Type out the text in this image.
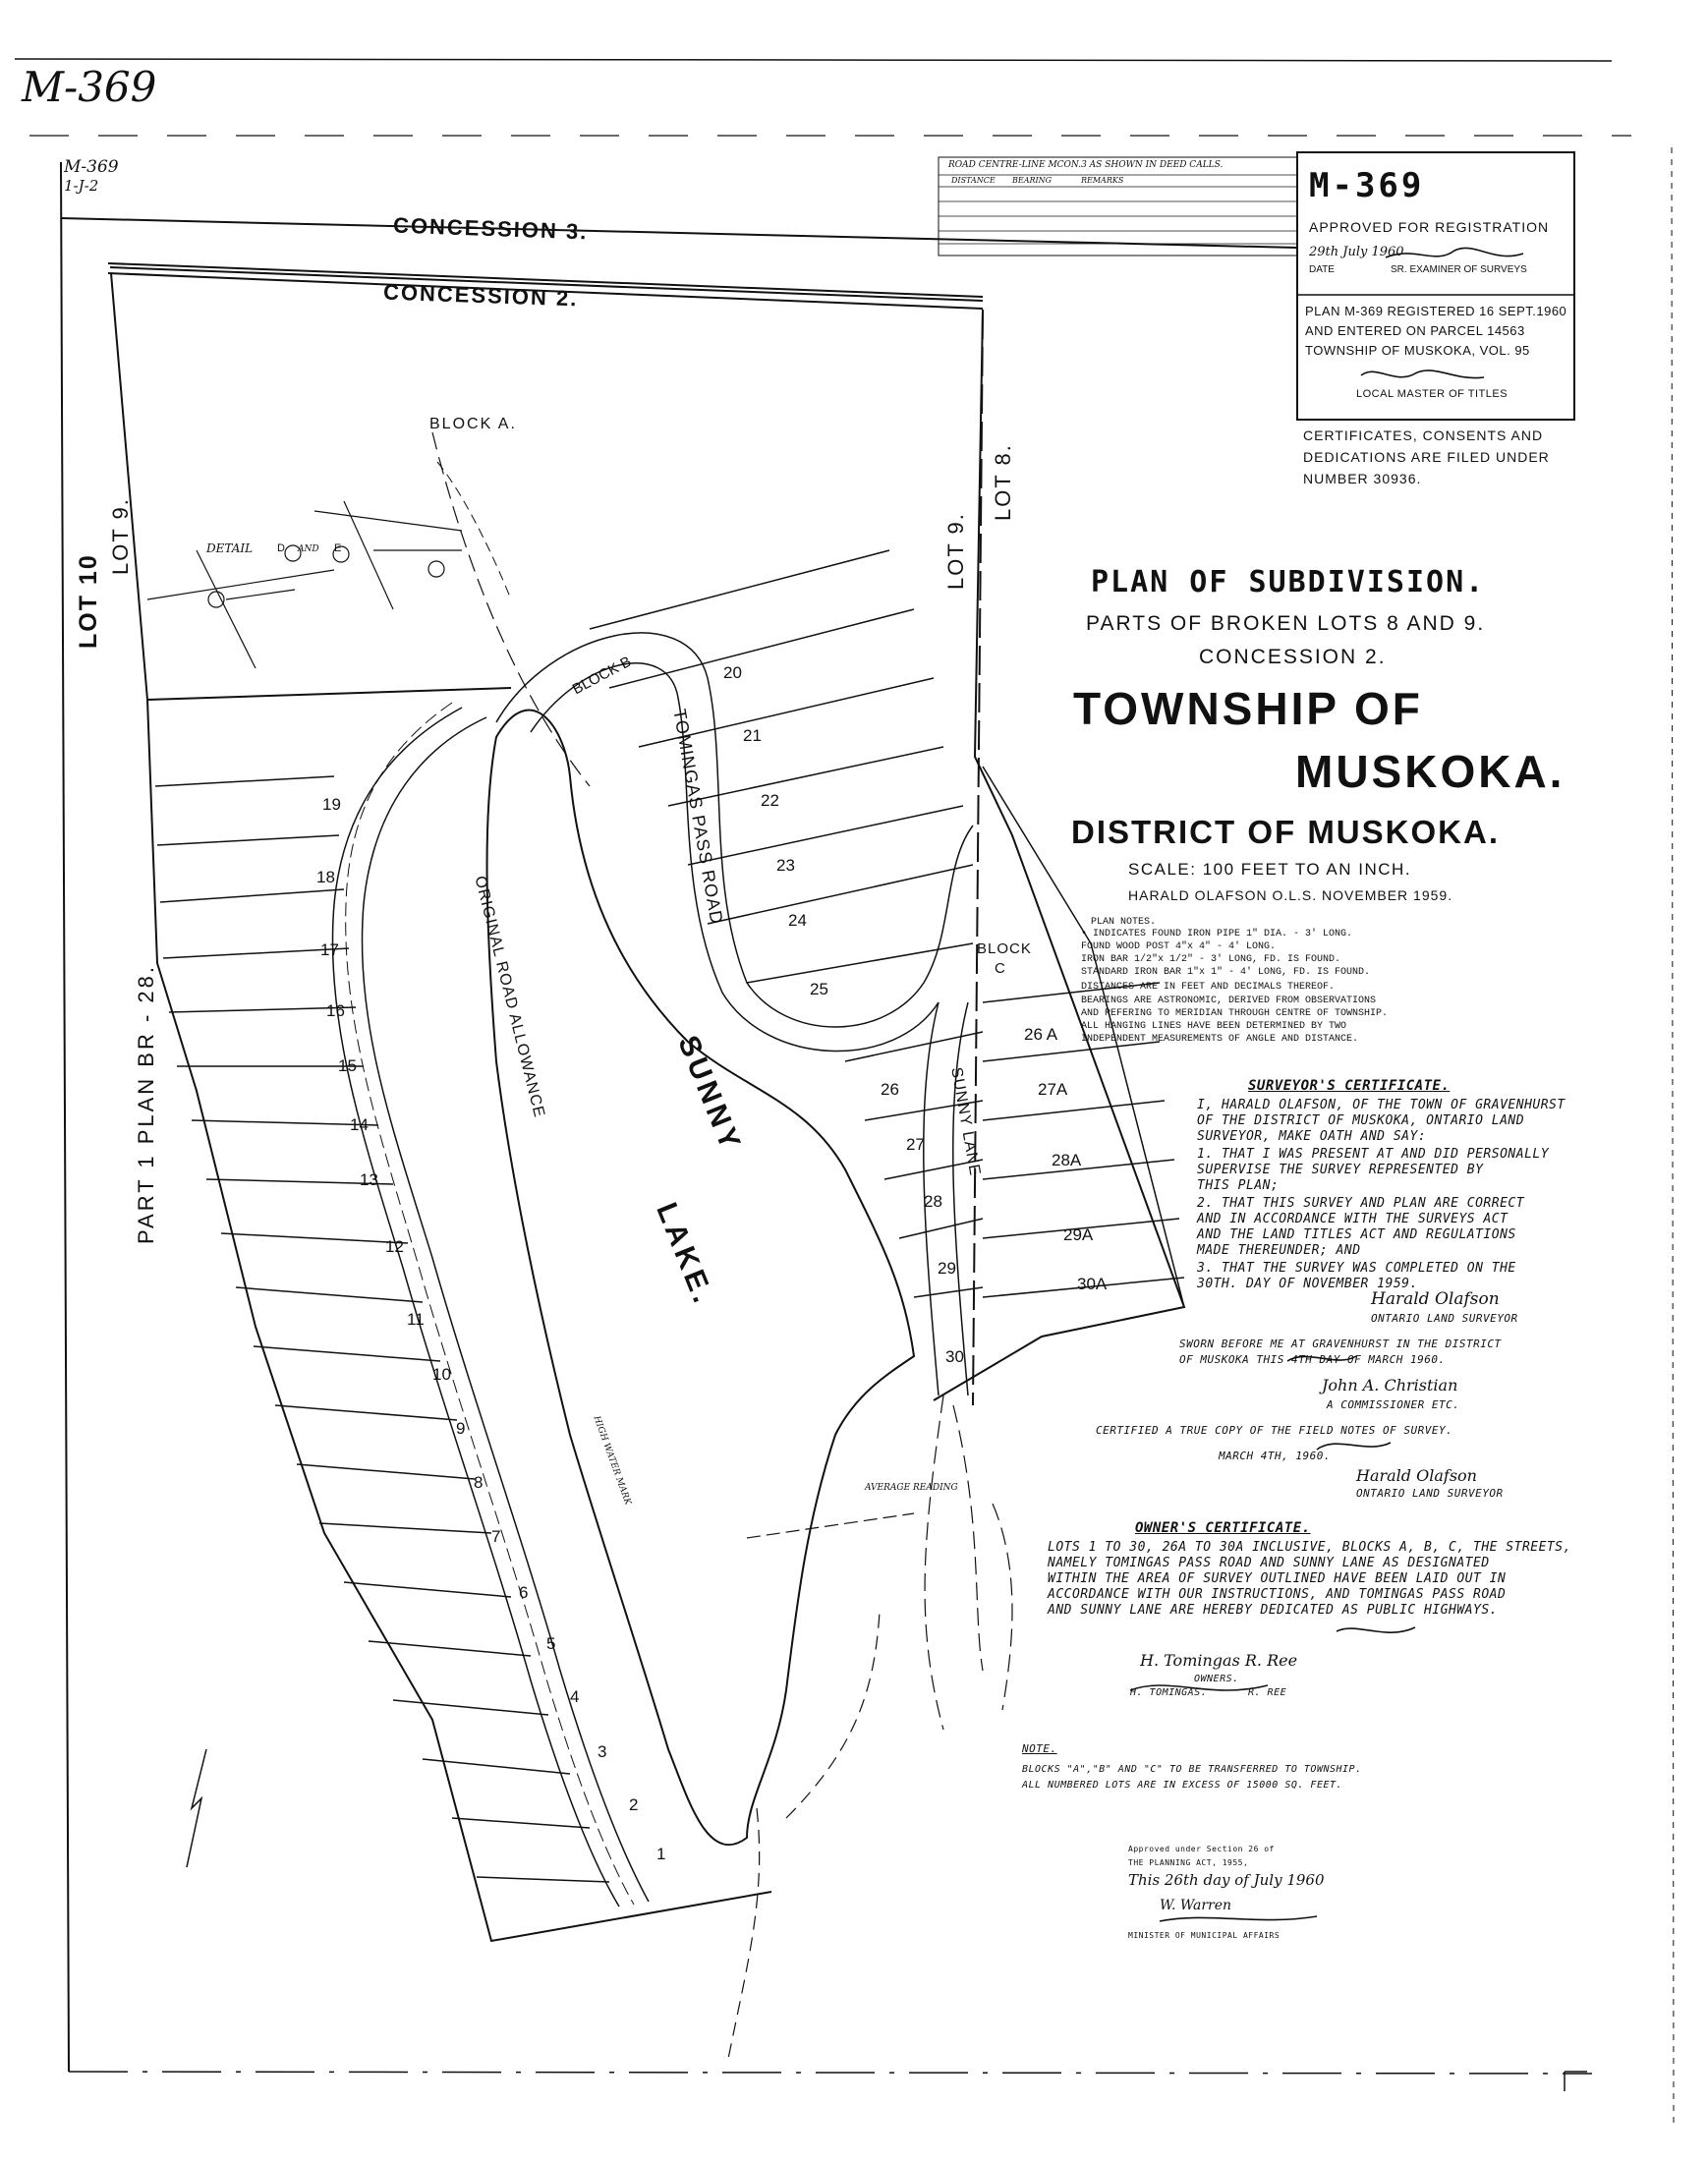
M-369
M-369
1-J-2	M-369
APPROVED FOR REGISTRATION
29th July 1960
DATE	SR. EXAMINER OF SURVEYS
PLAN M-369 REGISTERED 16 SEPT.1960
AND ENTERED ON PARCEL 14563
TOWNSHIP OF MUSKOKA, VOL. 95
LOCAL MASTER OF TITLES
CERTIFICATES, CONSENTS AND
DEDICATIONS ARE FILED UNDER
NUMBER 30936.
ROAD CENTRE-LINE MCON.3 AS SHOWN IN DEED CALLS.
DISTANCE BEARING	REMARKS
PLAN OF SUBDIVISION.
PARTS OF BROKEN LOTS 8 AND 9.
CONCESSION 2.
TOWNSHIP OF
MUSKOKA.
DISTRICT OF MUSKOKA.
SCALE: 100 FEET TO AN INCH.
HARALD OLAFSON O.L.S. NOVEMBER 1959.
PLAN NOTES.
• INDICATES FOUND IRON PIPE 1" DIA. - 3' LONG.
FOUND WOOD POST 4"x 4" - 4' LONG.
IRON BAR 1/2"x 1/2" - 3' LONG, FD. IS FOUND.
STANDARD IRON BAR 1"x 1" - 4' LONG, FD. IS FOUND.
DISTANCES ARE IN FEET AND DECIMALS THEREOF.
BEARINGS ARE ASTRONOMIC, DERIVED FROM OBSERVATIONS
AND REFERING TO MERIDIAN THROUGH CENTRE OF TOWNSHIP.
ALL HANGING LINES HAVE BEEN DETERMINED BY TWO
INDEPENDENT MEASUREMENTS OF ANGLE AND DISTANCE.
SURVEYOR'S CERTIFICATE.
I, HARALD OLAFSON, OF THE TOWN OF GRAVENHURST
OF THE DISTRICT OF MUSKOKA, ONTARIO LAND
SURVEYOR, MAKE OATH AND SAY:
1. THAT I WAS PRESENT AT AND DID PERSONALLY
SUPERVISE THE SURVEY REPRESENTED BY
THIS PLAN;
2. THAT THIS SURVEY AND PLAN ARE CORRECT
AND IN ACCORDANCE WITH THE SURVEYS ACT
AND THE LAND TITLES ACT AND REGULATIONS
MADE THEREUNDER; AND
3. THAT THE SURVEY WAS COMPLETED ON THE
30TH. DAY OF NOVEMBER 1959.
Harald Olafson
ONTARIO LAND SURVEYOR
SWORN BEFORE ME AT GRAVENHURST IN THE DISTRICT
OF MUSKOKA THIS 4TH DAY OF MARCH 1960.
John A. Christian
A COMMISSIONER ETC.
CERTIFIED A TRUE COPY OF THE FIELD NOTES OF SURVEY.
MARCH 4TH, 1960.
Harald Olafson
ONTARIO LAND SURVEYOR
OWNER'S CERTIFICATE.
LOTS 1 TO 30, 26A TO 30A INCLUSIVE, BLOCKS A, B, C, THE STREETS,
NAMELY TOMINGAS PASS ROAD AND SUNNY LANE AS DESIGNATED
WITHIN THE AREA OF SURVEY OUTLINED HAVE BEEN LAID OUT IN
ACCORDANCE WITH OUR INSTRUCTIONS, AND TOMINGAS PASS ROAD
AND SUNNY LANE ARE HEREBY DEDICATED AS PUBLIC HIGHWAYS.
H. Tomingas R. Ree
OWNERS.
H. TOMINGAS.	R. REE
NOTE.
BLOCKS "A","B" AND "C" TO BE TRANSFERRED TO TOWNSHIP.
ALL NUMBERED LOTS ARE IN EXCESS OF 15000 SQ. FEET.
Approved under Section 26 of
THE PLANNING ACT, 1955,
This 26th day of July 1960
W. Warren
MINISTER OF MUNICIPAL AFFAIRS
CONCESSION 3.
CONCESSION 2.
BLOCK A.
BLOCK B
BLOCK
C
LOT 10
LOT 9.	LOT 9.
LOT 8.
PART 1 PLAN BR - 28.	SUNNY
LAKE.
TOMINGAS PASS ROAD
SUNNY LANE
ORIGINAL ROAD ALLOWANCE
DETAIL D AND E
AVERAGE READING
HIGH WATER MARK
1
2
3
4
5
6
7
8
9
10
11
12
13
14
15
16
17
18
19
20
21
22
23
24
25
26
27
28
29
30
26 A
27A
28A
29A
30A
